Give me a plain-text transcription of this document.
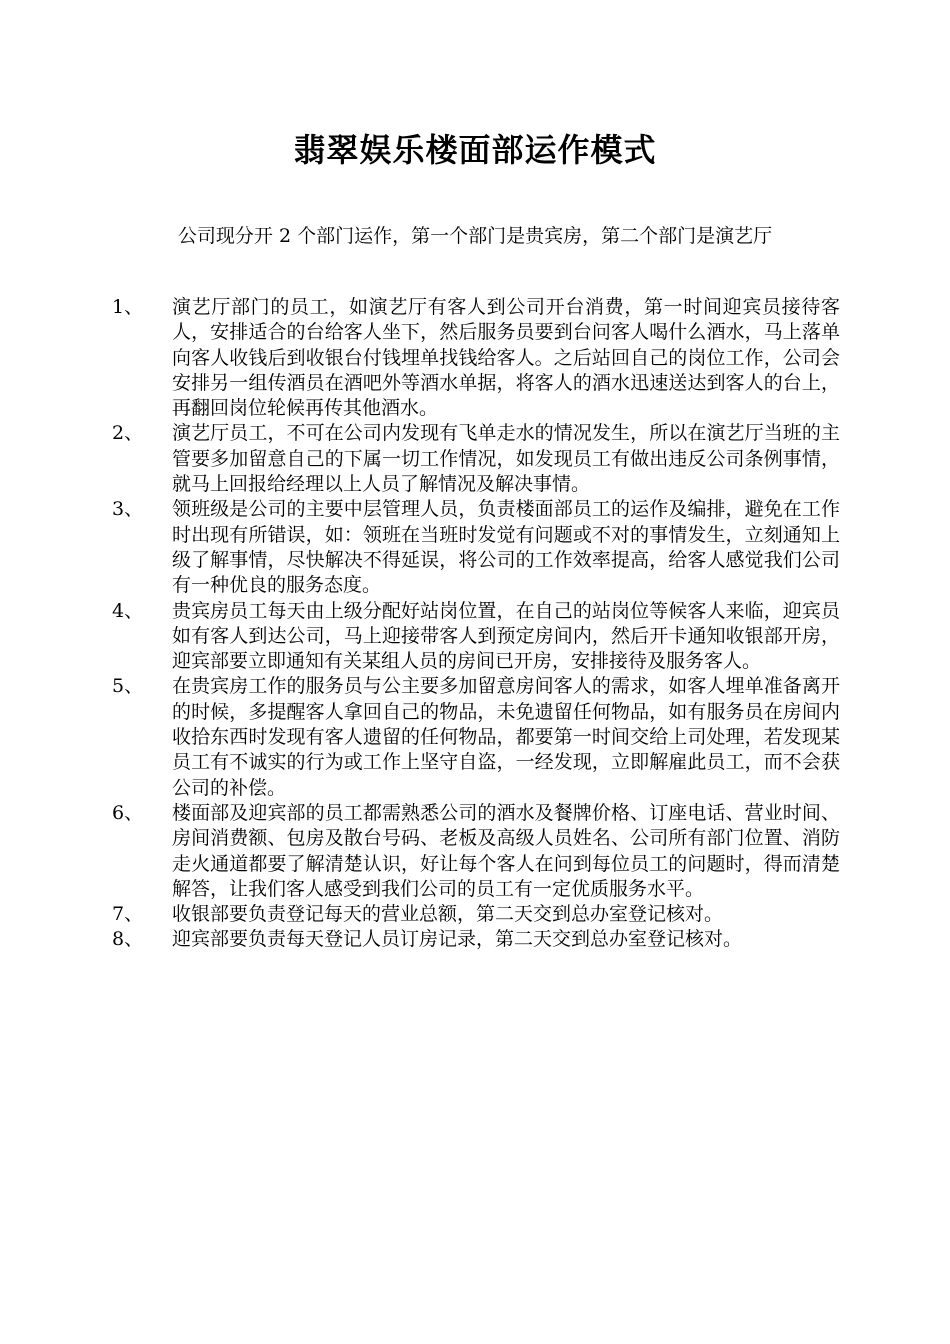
翡翠娱乐楼面部运作模式
公司现分开 2 个部门运作，第一个部门是贵宾房，第二个部门是演艺厅
1、	演艺厅部门的员工，如演艺厅有客人到公司开台消费，第一时间迎宾员接待客人，安排适合的台给客人坐下，然后服务员要到台问客人喝什么酒水，马上落单向客人收钱后到收银台付钱埋单找钱给客人。之后站回自己的岗位工作，公司会安排另一组传酒员在酒吧外等酒水单据，将客人的酒水迅速送达到客人的台上，再翻回岗位轮候再传其他酒水。
2、	演艺厅员工，不可在公司内发现有飞单走水的情况发生，所以在演艺厅当班的主管要多加留意自己的下属一切工作情况，如发现员工有做出违反公司条例事情，就马上回报给经理以上人员了解情况及解决事情。
3、	领班级是公司的主要中层管理人员，负责楼面部员工的运作及编排，避免在工作时出现有所错误，如：领班在当班时发觉有问题或不对的事情发生，立刻通知上级了解事情，尽快解决不得延误，将公司的工作效率提高，给客人感觉我们公司有一种优良的服务态度。
4、	贵宾房员工每天由上级分配好站岗位置，在自己的站岗位等候客人来临，迎宾员如有客人到达公司，马上迎接带客人到预定房间内，然后开卡通知收银部开房，迎宾部要立即通知有关某组人员的房间已开房，安排接待及服务客人。
5、	在贵宾房工作的服务员与公主要多加留意房间客人的需求，如客人埋单准备离开的时候，多提醒客人拿回自己的物品，未免遗留任何物品，如有服务员在房间内收拾东西时发现有客人遗留的任何物品，都要第一时间交给上司处理，若发现某员工有不诚实的行为或工作上坚守自盗，一经发现，立即解雇此员工，而不会获公司的补偿。
6、	楼面部及迎宾部的员工都需熟悉公司的酒水及餐牌价格、订座电话、营业时间、房间消费额、包房及散台号码、老板及高级人员姓名、公司所有部门位置、消防走火通道都要了解清楚认识，好让每个客人在问到每位员工的问题时，得而清楚解答，让我们客人感受到我们公司的员工有一定优质服务水平。
7、	收银部要负责登记每天的营业总额，第二天交到总办室登记核对。
8、	迎宾部要负责每天登记人员订房记录，第二天交到总办室登记核对。
